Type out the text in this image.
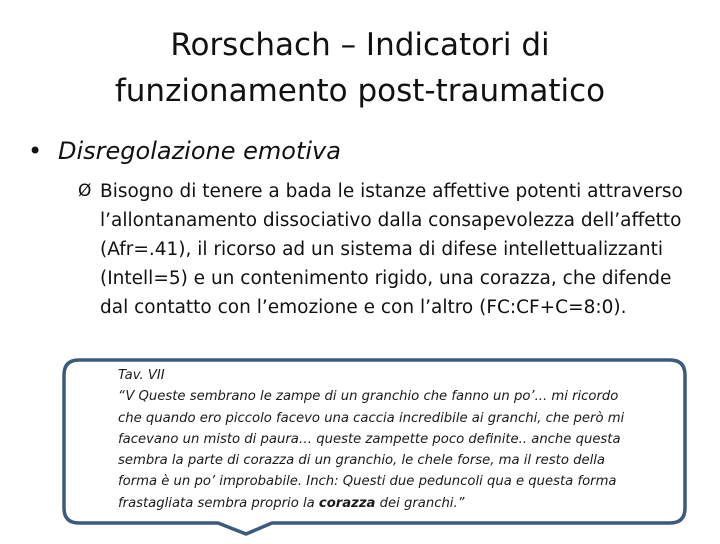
Rorschach – Indicatori di
funzionamento post-traumatico
• Disregolazione emotiva
Ø Bisogno di tenere a bada le istanze affettive potenti attraverso l’allontanamento dissociativo dalla consapevolezza dell’affetto (Afr=.41), il ricorso ad un sistema di difese intellettualizzanti (Intell=5) e un contenimento rigido, una corazza, che difende dal contatto con l’emozione e con l’altro (FC:CF+C=8:0).
Tav. VII
“V Queste sembrano le zampe di un granchio che fanno un po’... mi ricordo
che quando ero piccolo facevo una caccia incredibile ai granchi, che però mi
facevano un misto di paura… queste zampette poco definite.. anche questa
sembra la parte di corazza di un granchio, le chele forse, ma il resto della
forma è un po’ improbabile. Inch: Questi due peduncoli qua e questa forma
frastagliata sembra proprio la corazza dei granchi.”
